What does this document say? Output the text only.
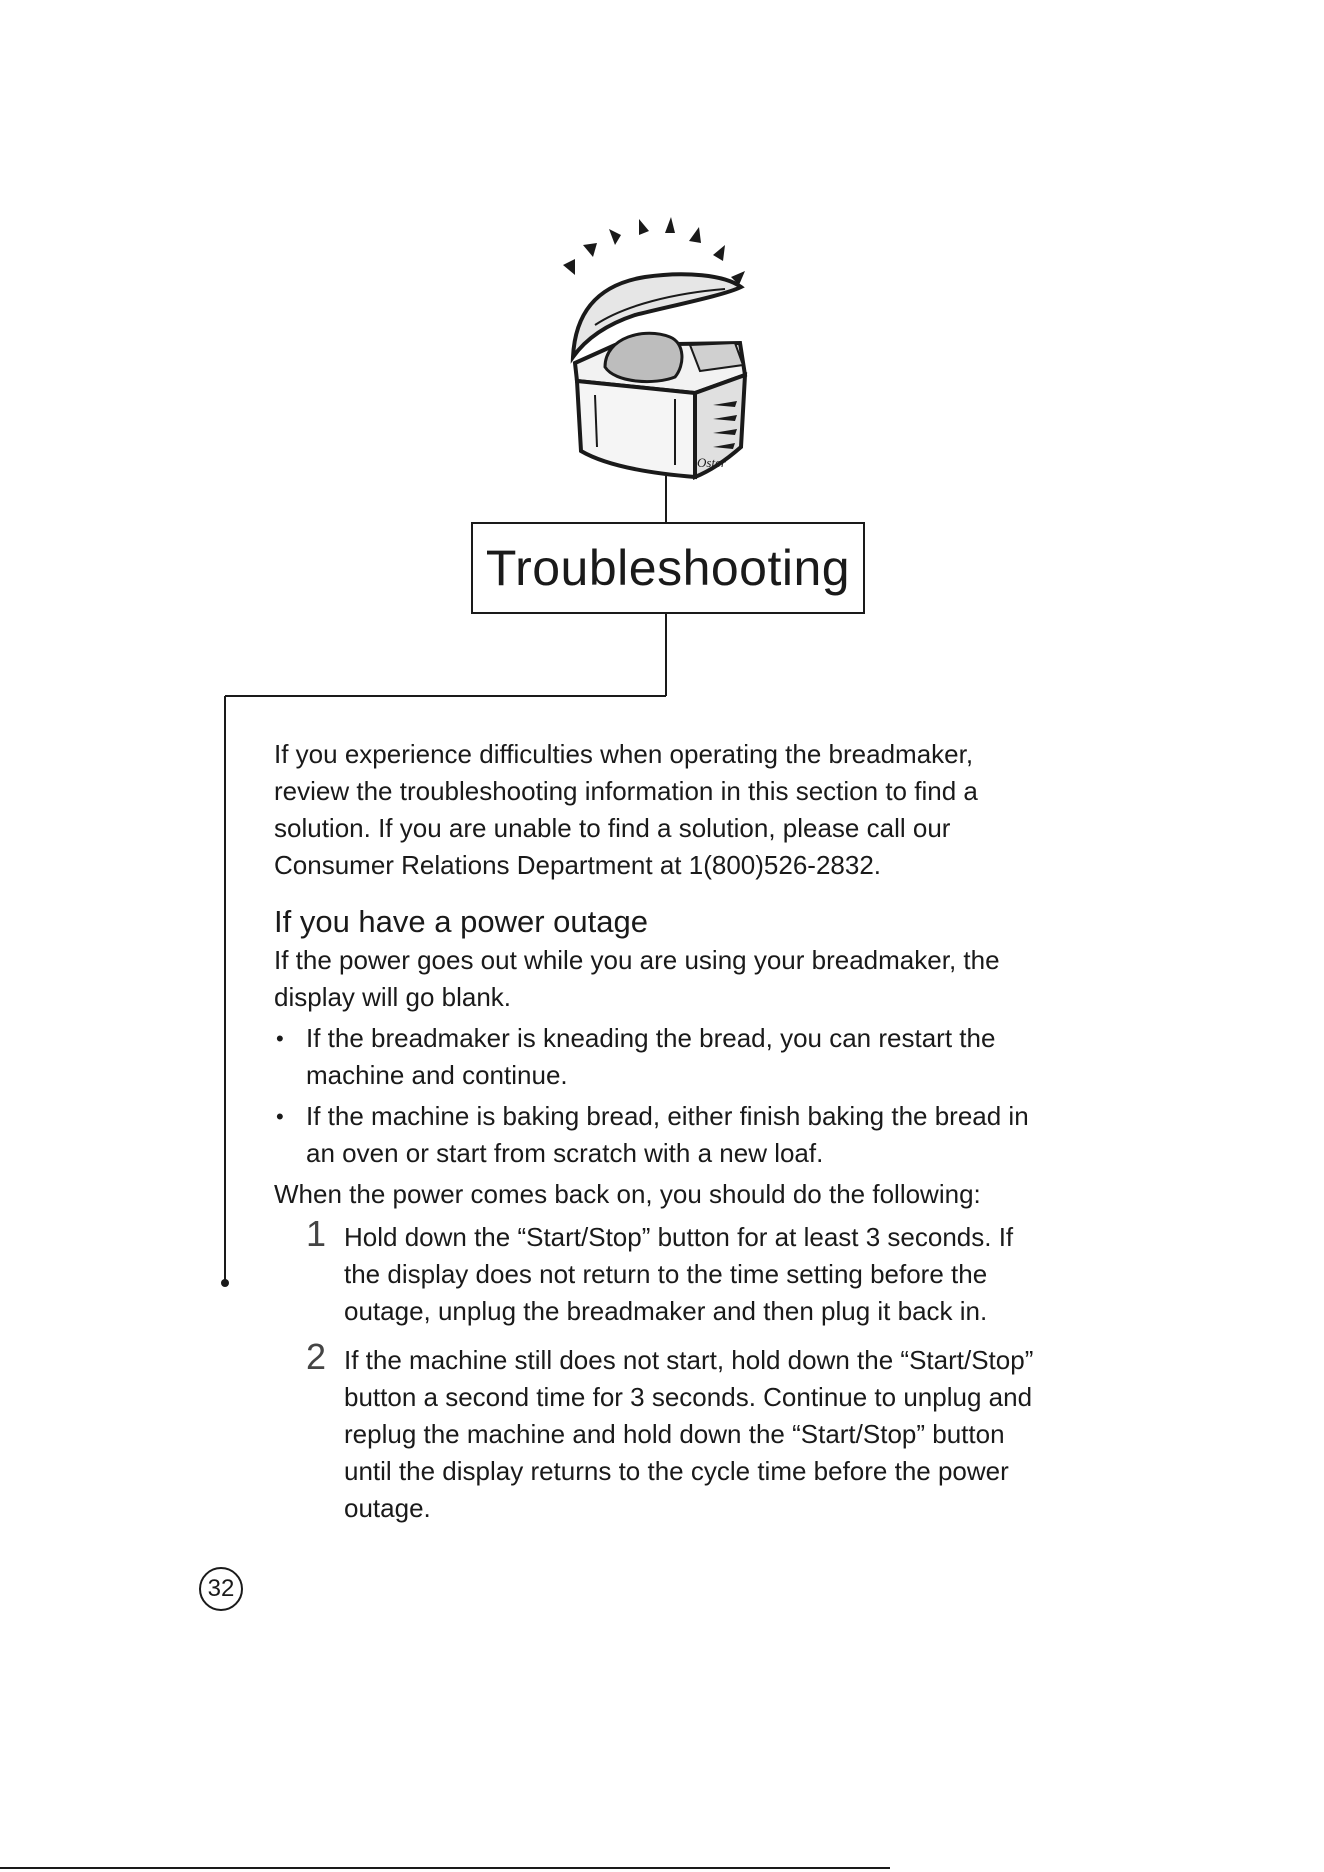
Oster
Troubleshooting

If you experience difficulties when operating the breadmaker, review the troubleshooting information in this section to find a solution. If you are unable to find a solution, please call our Consumer Relations Department at 1(800)526-2832.

If you have a power outage

If the power goes out while you are using your breadmaker, the display will go blank.

• If the breadmaker is kneading the bread, you can restart the machine and continue.
• If the machine is baking bread, either finish baking the bread in an oven or start from scratch with a new loaf.

When the power comes back on, you should do the following:

1 Hold down the “Start/Stop” button for at least 3 seconds. If the display does not return to the time setting before the outage, unplug the breadmaker and then plug it back in.
2 If the machine still does not start, hold down the “Start/Stop” button a second time for 3 seconds. Continue to unplug and replug the machine and hold down the “Start/Stop” button until the display returns to the cycle time before the power outage.
32
